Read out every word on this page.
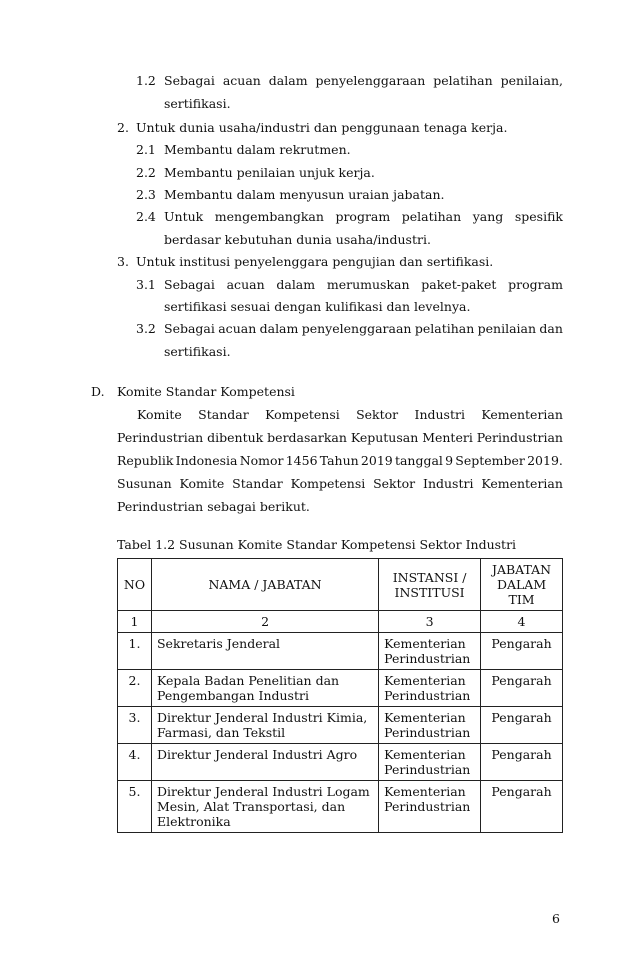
1.2 Sebagai acuan dalam penyelenggaraan pelatihan penilaian,
sertifikasi.
2. Untuk dunia usaha/industri dan penggunaan tenaga kerja.
2.1 Membantu dalam rekrutmen.
2.2 Membantu penilaian unjuk kerja.
2.3 Membantu dalam menyusun uraian jabatan.
2.4 Untuk mengembangkan program pelatihan yang spesifik
berdasar kebutuhan dunia usaha/industri.
3. Untuk institusi penyelenggara pengujian dan sertifikasi.
3.1 Sebagai acuan dalam merumuskan paket-paket program
sertifikasi sesuai dengan kulifikasi dan levelnya.
3.2 Sebagai acuan dalam penyelenggaraan pelatihan penilaian dan
sertifikasi.
D. Komite Standar Kompetensi
Komite Standar Kompetensi Sektor Industri Kementerian
Perindustrian dibentuk berdasarkan Keputusan Menteri Perindustrian
Republik Indonesia Nomor 1456 Tahun 2019 tanggal 9 September 2019.
Susunan Komite Standar Kompetensi Sektor Industri Kementerian
Perindustrian sebagai berikut.
Tabel 1.2 Susunan Komite Standar Kompetensi Sektor Industri
NO	NAMA / JABATAN	INSTANSI / INSTITUSI	JABATAN DALAM TIM
1	2	3	4
1.	Sekretaris Jenderal	Kementerian Perindustrian	Pengarah
2.	Kepala Badan Penelitian dan Pengembangan Industri	Kementerian Perindustrian	Pengarah
3.	Direktur Jenderal Industri Kimia, Farmasi, dan Tekstil	Kementerian Perindustrian	Pengarah
4.	Direktur Jenderal Industri Agro	Kementerian Perindustrian	Pengarah
5.	Direktur Jenderal Industri Logam Mesin, Alat Transportasi, dan Elektronika	Kementerian Perindustrian	Pengarah
6
